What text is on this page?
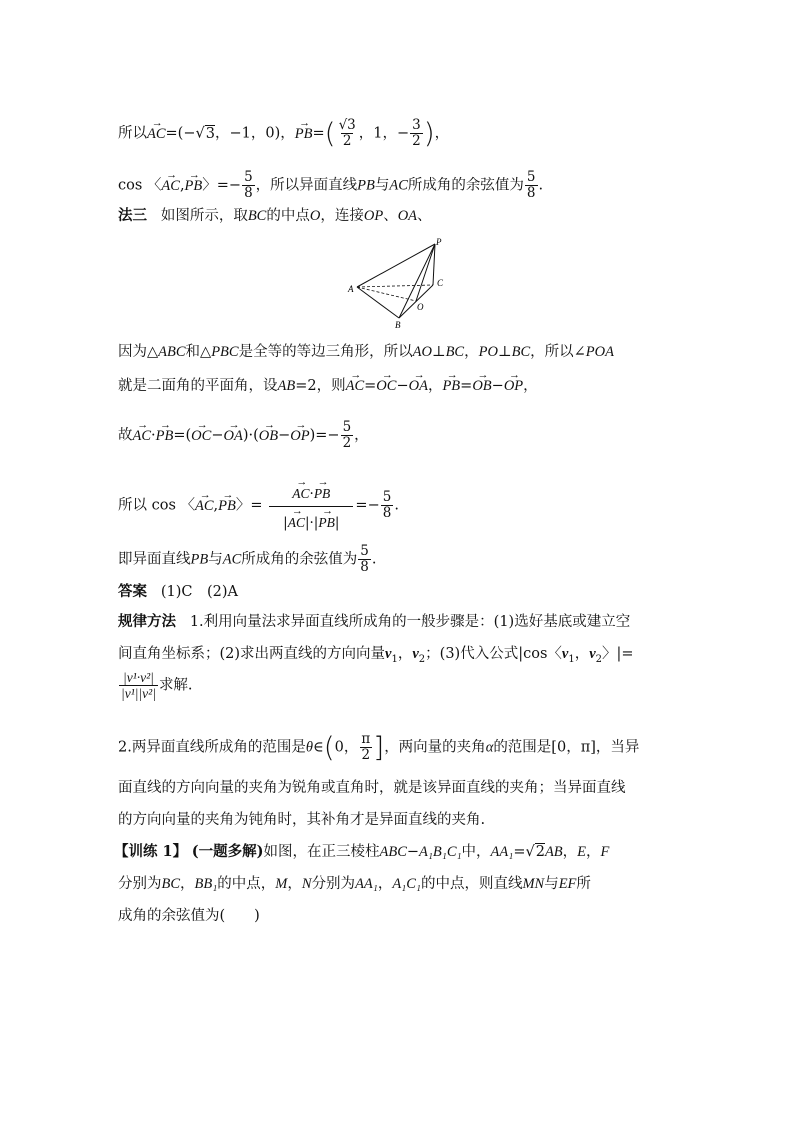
所以→ AC=(−√3，−1，0)，→ $PB=( \frac{√3}{2}$ ，1，− $\frac{3}{2}$ )，
cos 〈→ AC,→ PB〉=− $\frac{5}{8}$ ，所以异面直线PB与AC所成角的余弦值为 $\frac{5}{8}$ .
法三 如图所示，取BC的中点O，连接OP、OA、
P
A
C
O
B
因为△ABC和△PBC是全等的等边三角形，所以AO⊥BC，PO⊥BC，所以∠POA
就是二面角的平面角，设AB=2，则→ AC=→ OC−→ OA，→ PB=→ OB−→ OP，
故→ $AC\cdot\to PB=(\to OC-\to OA)\cdot(\to OB-\to OP)=- \frac{5}{2}$ ，
所以 cos 〈→ AC,→ PB〉=
→ $\frac{AC\cdot\to PB}{|\to AC|\cdot|\to PB|} =- \frac{5}{8}$ .
即异面直线PB与AC所成角的余弦值为 $\frac{5}{8}$ .
答案 (1)C　(2)A
规律方法 1.利用向量法求异面直线所成角的一般步骤是：(1)选好基底或建立空
间直角坐标系；(2)求出两直线的方向向量$v_1$，$v_2$；(3)代入公式|cos〈$v_1$，$v_2$〉|=
$\frac{\text{|v¹·v²|}}{\text{|v¹||v²|}}$ 求解.
2.两异面直线所成角的范围是θ∈(0， $\frac{\pi}{2}$ ]，两向量的夹角α的范围是[0，π]，当异
面直线的方向向量的夹角为锐角或直角时，就是该异面直线的夹角；当异面直线
的方向向量的夹角为钝角时，其补角才是异面直线的夹角.
【训练 1】 (一题多解)如图，在正三棱柱ABC−A₁B₁C₁中，AA₁=√2AB，E，F
分别为BC，BB₁的中点，M，N分别为AA₁，A₁C₁的中点，则直线MN与EF所
成角的余弦值为(　　)
